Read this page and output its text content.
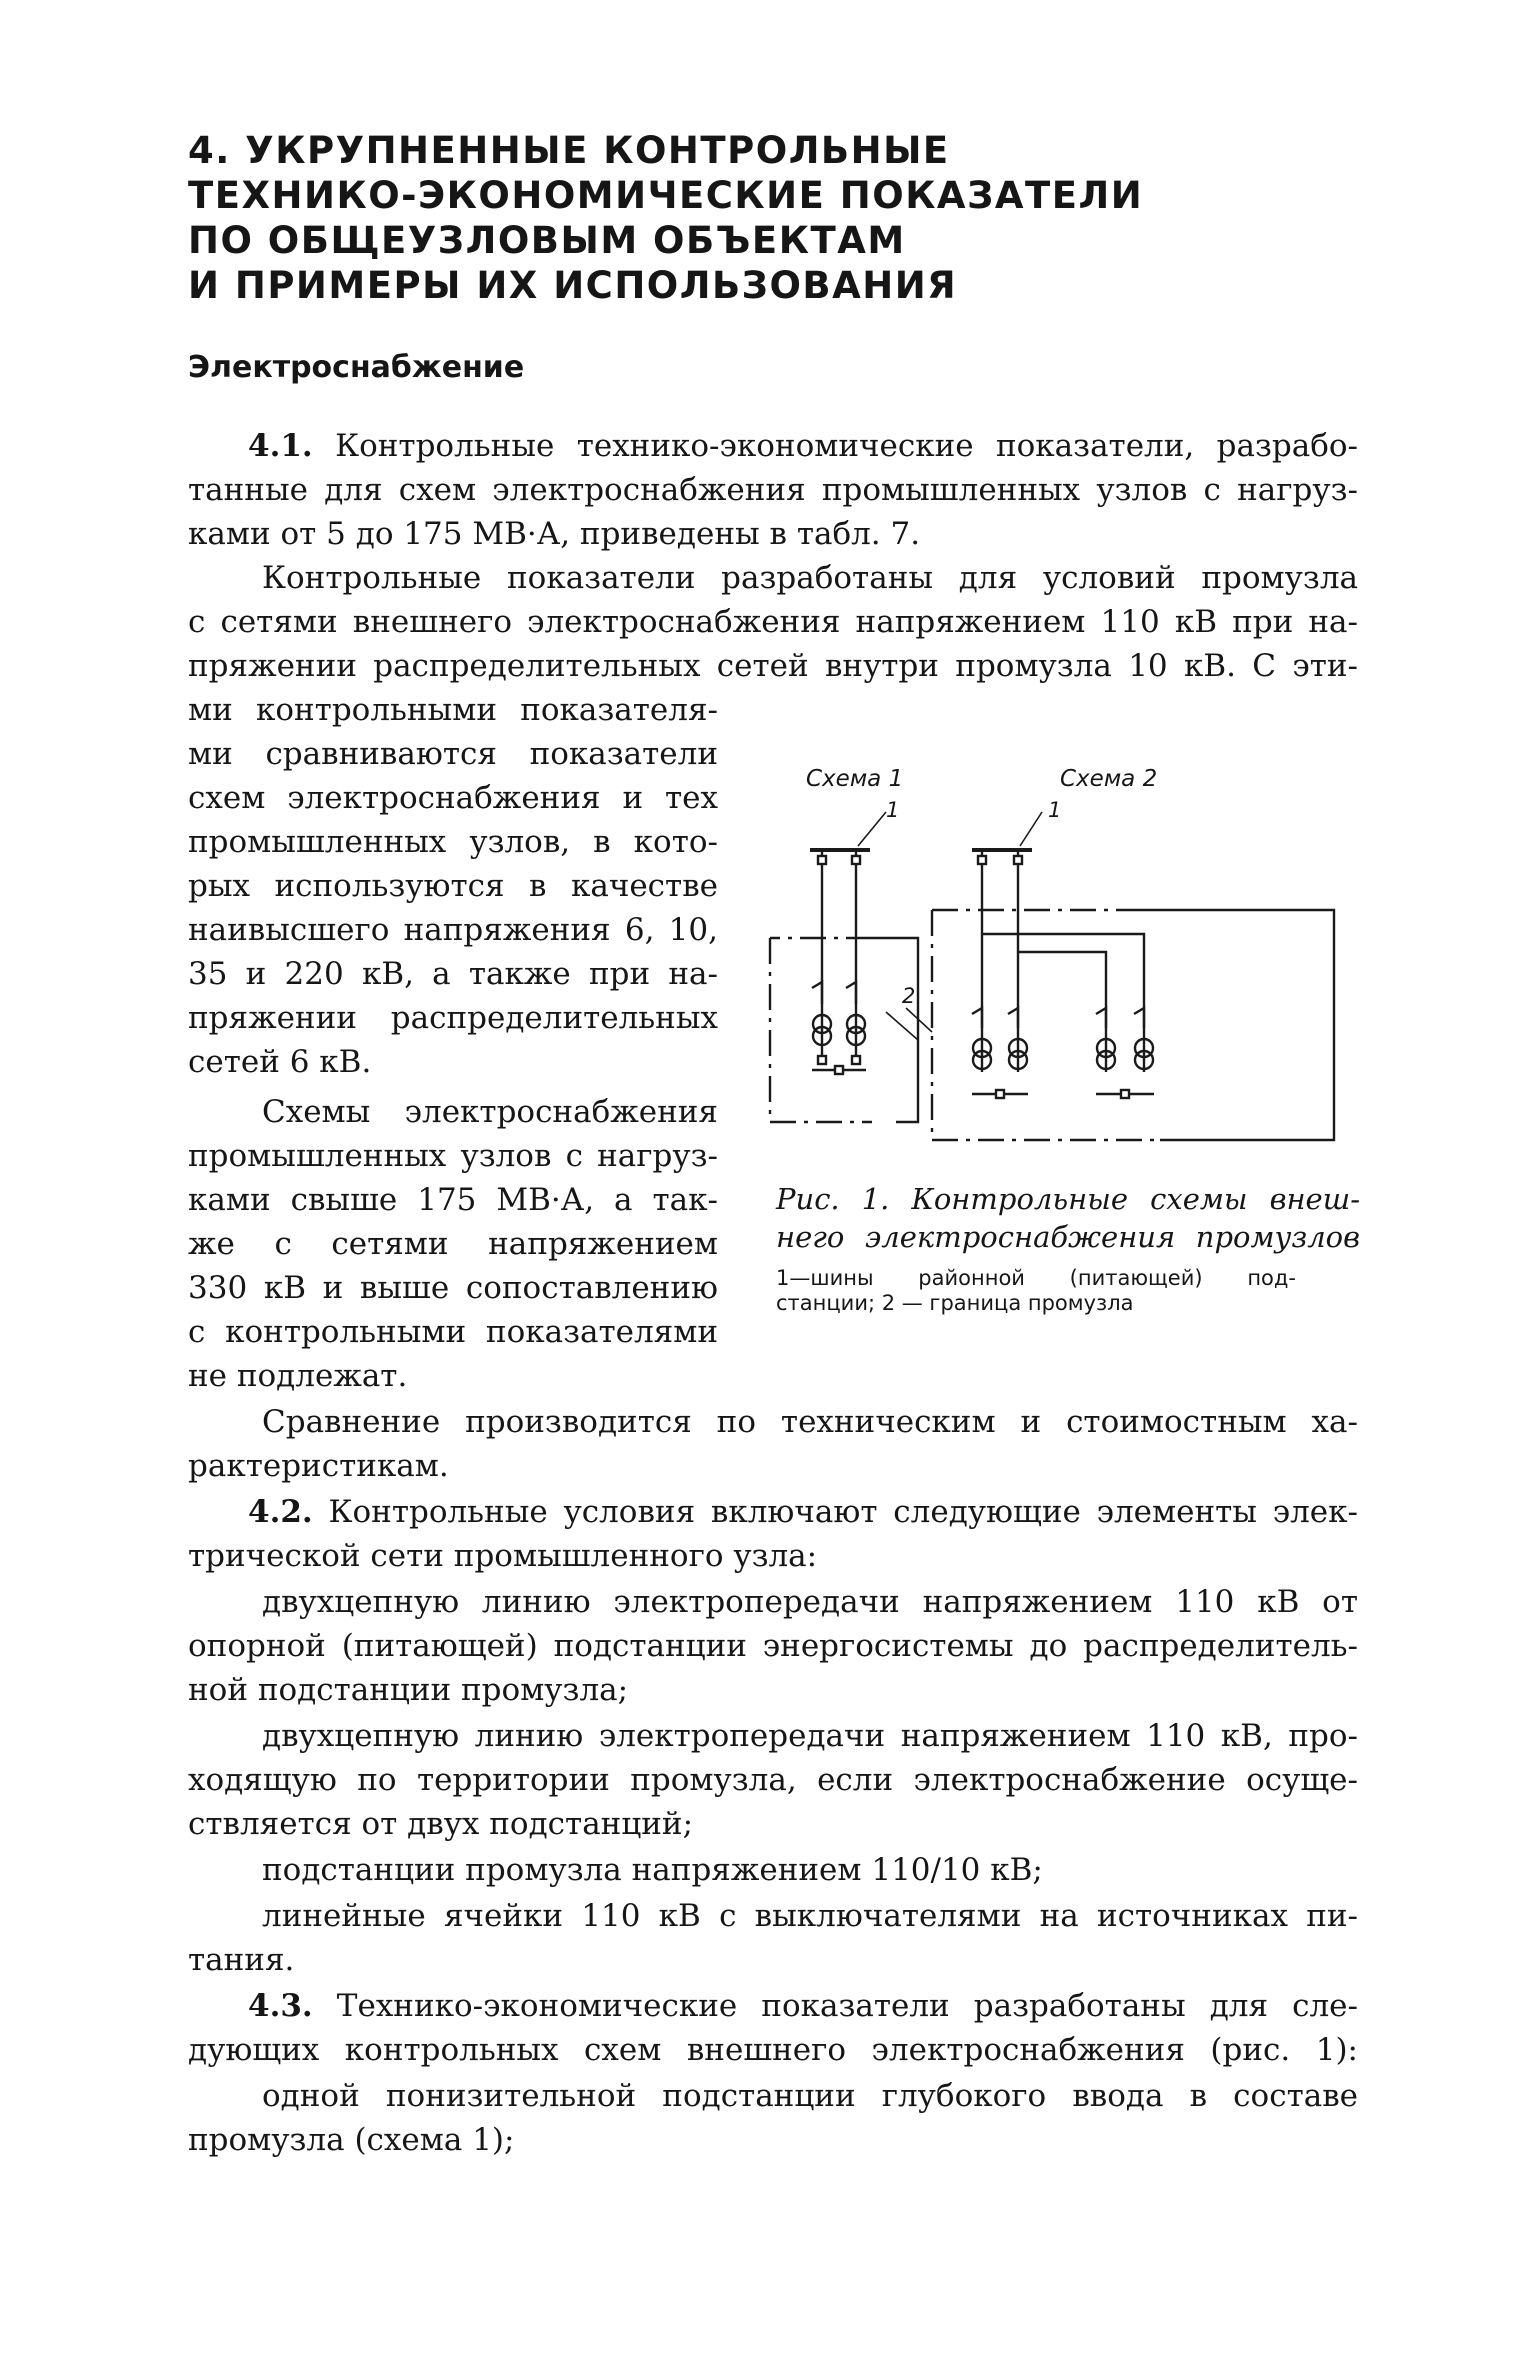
4. УКРУПНЕННЫЕ КОНТРОЛЬНЫЕ
ТЕХНИКО-ЭКОНОМИЧЕСКИЕ ПОКАЗАТЕЛИ
ПО ОБЩЕУЗЛОВЫМ ОБЪЕКТАМ
И ПРИМЕРЫ ИХ ИСПОЛЬЗОВАНИЯ
Электроснабжение
4.1. Контрольные технико-экономические показатели, разрабо-
танные для схем электроснабжения промышленных узлов с нагруз-
ками от 5 до 175 МВ·А, приведены в табл. 7.
Контрольные показатели разработаны для условий промузла
с сетями внешнего электроснабжения напряжением 110 кВ при на-
пряжении распределительных сетей внутри промузла 10 кВ. С эти-
ми контрольными показателя-
ми сравниваются показатели
схем электроснабжения и тех
промышленных узлов, в кото-
рых используются в качестве
наивысшего напряжения 6, 10,
35 и 220 кВ, а также при на-
пряжении распределительных
сетей 6 кВ.
Схемы электроснабжения
промышленных узлов с нагруз-
ками свыше 175 МВ·А, а так-
же с сетями напряжением
330 кВ и выше сопоставлению
с контрольными показателями
не подлежат.
Сравнение производится по техническим и стоимостным ха-
рактеристикам.
4.2. Контрольные условия включают следующие элементы элек-
трической сети промышленного узла:
двухцепную линию электропередачи напряжением 110 кВ от
опорной (питающей) подстанции энергосистемы до распределитель-
ной подстанции промузла;
двухцепную линию электропередачи напряжением 110 кВ, про-
ходящую по территории промузла, если электроснабжение осуще-
ствляется от двух подстанций;
подстанции промузла напряжением 110/10 кВ;
линейные ячейки 110 кВ с выключателями на источниках пи-
тания.
4.3. Технико-экономические показатели разработаны для сле-
дующих контрольных схем внешнего электроснабжения (рис. 1):
одной понизительной подстанции глубокого ввода в составе
промузла (схема 1);
Схема 1	Схема 2
1	1
2
Рис. 1. Контрольные схемы внеш-
него электроснабжения промузлов
1—шины районной (питающей) под-
станции; 2 — граница промузла
